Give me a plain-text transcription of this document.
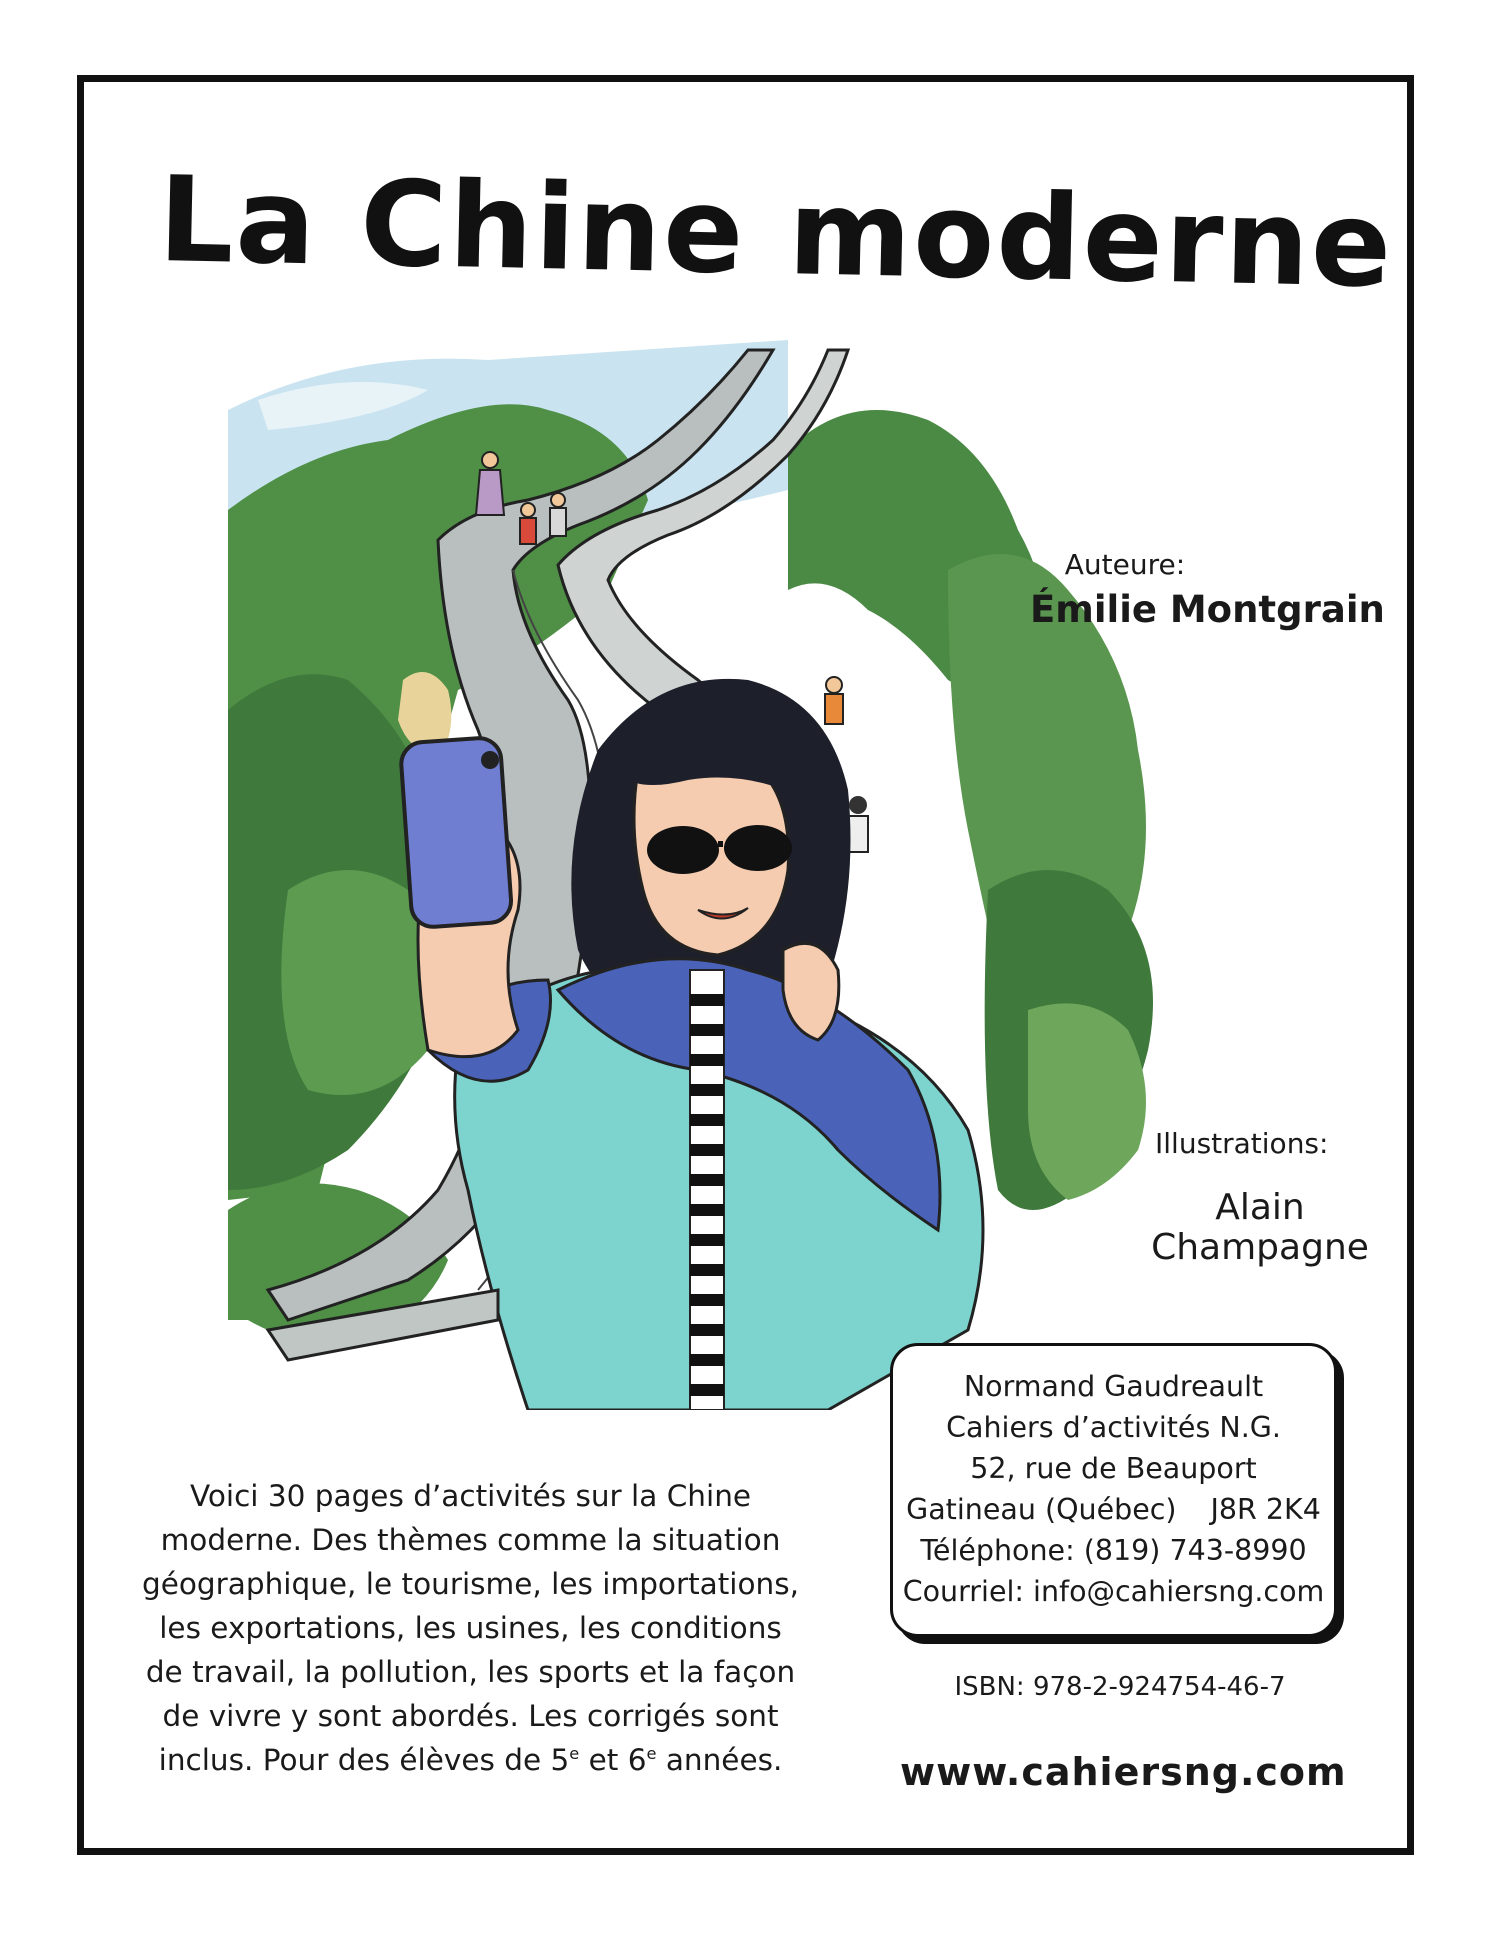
La Chine moderne
Auteure:
Émilie Montgrain
Illustrations:
Alain
Champagne
Normand Gaudreault
Cahiers d’activités N.G.
52, rue de Beauport
Gatineau (Québec) J8R 2K4
Téléphone: (819) 743-8990
Courriel: info@cahiersng.com
Voici 30 pages d’activités sur la Chine
moderne. Des thèmes comme la situation
géographique, le tourisme, les importations,
les exportations, les usines, les conditions
de travail, la pollution, les sports et la façon
de vivre y sont abordés. Les corrigés sont
inclus. Pour des élèves de 5e et 6e années.
ISBN: 978-2-924754-46-7
www.cahiersng.com
